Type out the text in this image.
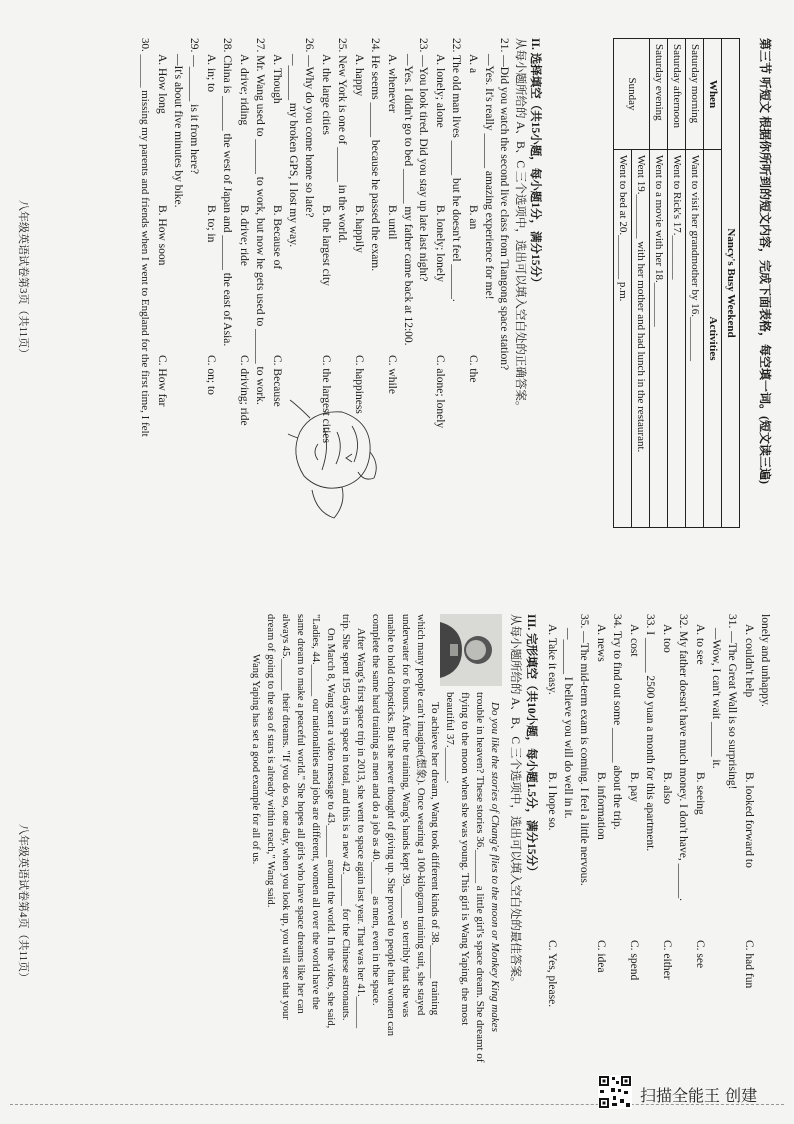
第三节 听短文 根据你所听到的短文内容，完成下面表格，每空填一词。(短文读三遍)
Nancy's Busy Weekend	
When	Activities
Saturday morning	Want to visit her grandmother by 16.________
Saturday afternoon	Went to Rick's 17.________
Saturday evening	Went to a movie with her 18.________
Sunday	Went 19.________ with her mother and had lunch in the restaurant.
	Went to bed at 20.________ p.m.
II. 选择填空（共15小题，每小题1分，满分15分）
从每小题所给的 A、B、C 三个选项中，选出可以填入空白处的正确答案。
21. —Did you watch the second live class from Tiangong space station?
—Yes. It's really ______ amazing experience for me!
A. a
B. an
C. the
22. The old man lives ______ but he doesn't feel ______.
A. lonely; alone
B. lonely; lonely
C. alone; lonely
23. —You look tired. Did you stay up late last night?
—Yes. I didn't go to bed ______ my father came back at 12:00.
A. whenever
B. until
C. while
24. He seems ______ because he passed the exam.
A. happy
B. happily
C. happiness
25. New York is one of ______ in the world.
A. the large cities
B. the largest city
C. the largest cities
26. —Why do you come home so late?
—______ my broken GPS, I lost my way.
A. Though
B. Because of
C. Because
27. Mr. Wang used to ______ to work, but now he gets used to ______ to work.
A. drive; riding
B. drive; ride
C. driving; ride
28. China is ______ the west of Japan and ______ the east of Asia.
A. in; to
B. to; in
C. on; to
29. —______ is it from here?
—It's about five minutes by bike.
A. How long
B. How soon
C. How far
30. ______ missing my parents and friends when I went to England for the first time, I felt
八年级英语试卷第3页（共11页）
lonely and unhappy.
A. couldn't help
B. looked forward to
C. had fun
31. —The Great Wall is so surprising!
—Wow, I can't wait ______ it.
A. to see
B. seeing
C. see
32. My father doesn't have much money. I don't have, ______.
A. too
B. also
C. either
33. I ______ 2500 yuan a month for this apartment.
A. cost
B. pay
C. spend
34. Try to find out some ______ about the trip.
A. news
B. information
C. idea
35. —The mid-term exam is coming. I feel a little nervous.
—______ I believe you will do well in it.
A. Take it easy.
B. I hope so.
C. Yes, please.
III. 完形填空（共10小题，每小题1.5分，满分15分）
从每小题所给的 A、B、C 三个选项中，选出可以填入空白处的最佳答案。
Do you like the stories of Chang'e flies to the moon or Monkey King makes
trouble in heaven? These stories 36.______ a little girl's space dream. She dreamt of
flying to the moon when she was young. This girl is Wang Yaping, the most
beautiful 37.______.
To achieve her dream, Wang took different kinds of 38.______ training
which many people can't imagine(想象). Once wearing a 100-kilogram training suit, she stayed
underwater for 6 hours. After the training, Wang's hands kept 39.______ so terribly that she was
unable to hold chopsticks. But she never thought of giving up. She proved to people that women can
complete the same hard training as men and do a job as 40.______ as men, even in the space.
After Wang's first space trip in 2013, she went to space again last year. That was her 41.______
trip. She spent 195 days in space in total, and this is a new 42.______ for the Chinese astronauts.
On March 8, Wang sent a video message to 43.______ around the world. In the video, she said,
"Ladies, 44.______ our nationalities and jobs are different, women all over the world have the
same dream to make a peaceful world." She hopes all girls who have space dreams like her can
always 45.______ their dreams. "If you do so, one day, when you look up, you will see that your
dream of going to the sea of stars is already within reach," Wang said.
Wang Yaping has set a good example for all of us.
八年级英语试卷第4页（共11页）
扫描全能王 创建
